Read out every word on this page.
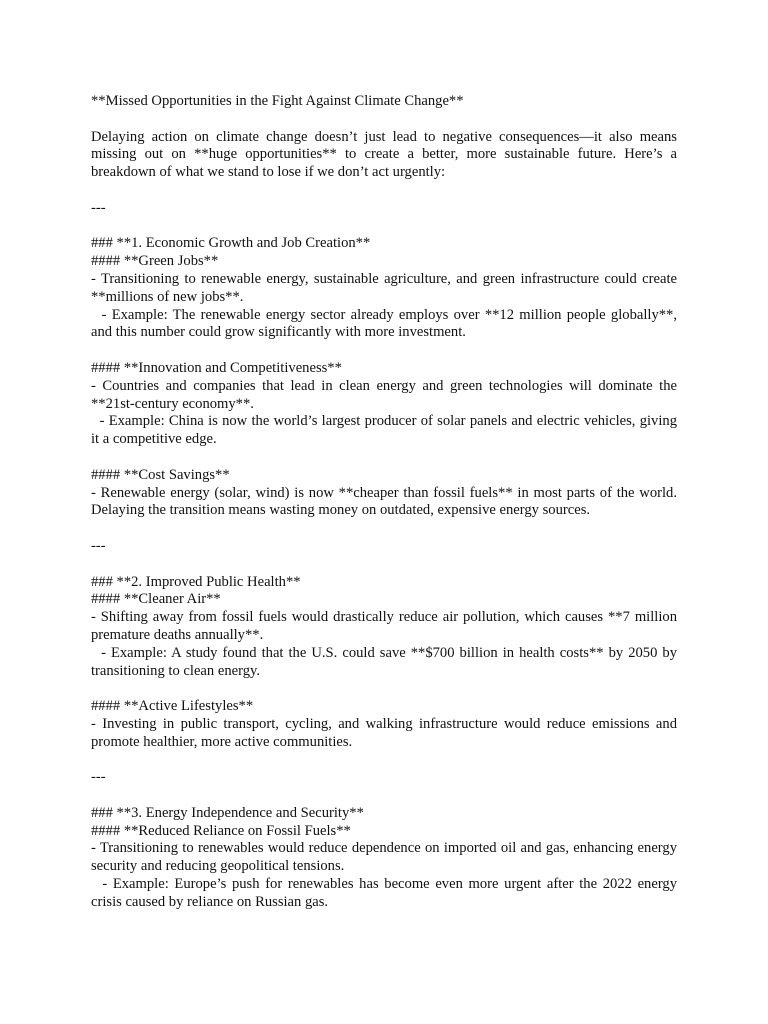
**Missed Opportunities in the Fight Against Climate Change**

Delaying action on climate change doesn’t just lead to negative consequences—it also means missing out on **huge opportunities** to create a better, more sustainable future. Here’s a breakdown of what we stand to lose if we don’t act urgently:

---

### **1. Economic Growth and Job Creation**

#### **Green Jobs**

- Transitioning to renewable energy, sustainable agriculture, and green infrastructure could create **millions of new jobs**.

- Example: The renewable energy sector already employs over **12 million people globally**, and this number could grow significantly with more investment.

#### **Innovation and Competitiveness**

- Countries and companies that lead in clean energy and green technologies will dominate the **21st-century economy**.

- Example: China is now the world’s largest producer of solar panels and electric vehicles, giving it a competitive edge.

#### **Cost Savings**

- Renewable energy (solar, wind) is now **cheaper than fossil fuels** in most parts of the world. Delaying the transition means wasting money on outdated, expensive energy sources.

---

### **2. Improved Public Health**

#### **Cleaner Air**

- Shifting away from fossil fuels would drastically reduce air pollution, which causes **7 million premature deaths annually**.

- Example: A study found that the U.S. could save **$700 billion in health costs** by 2050 by transitioning to clean energy.

#### **Active Lifestyles**

- Investing in public transport, cycling, and walking infrastructure would reduce emissions and promote healthier, more active communities.

---

### **3. Energy Independence and Security**

#### **Reduced Reliance on Fossil Fuels**

- Transitioning to renewables would reduce dependence on imported oil and gas, enhancing energy security and reducing geopolitical tensions.

- Example: Europe’s push for renewables has become even more urgent after the 2022 energy crisis caused by reliance on Russian gas.
